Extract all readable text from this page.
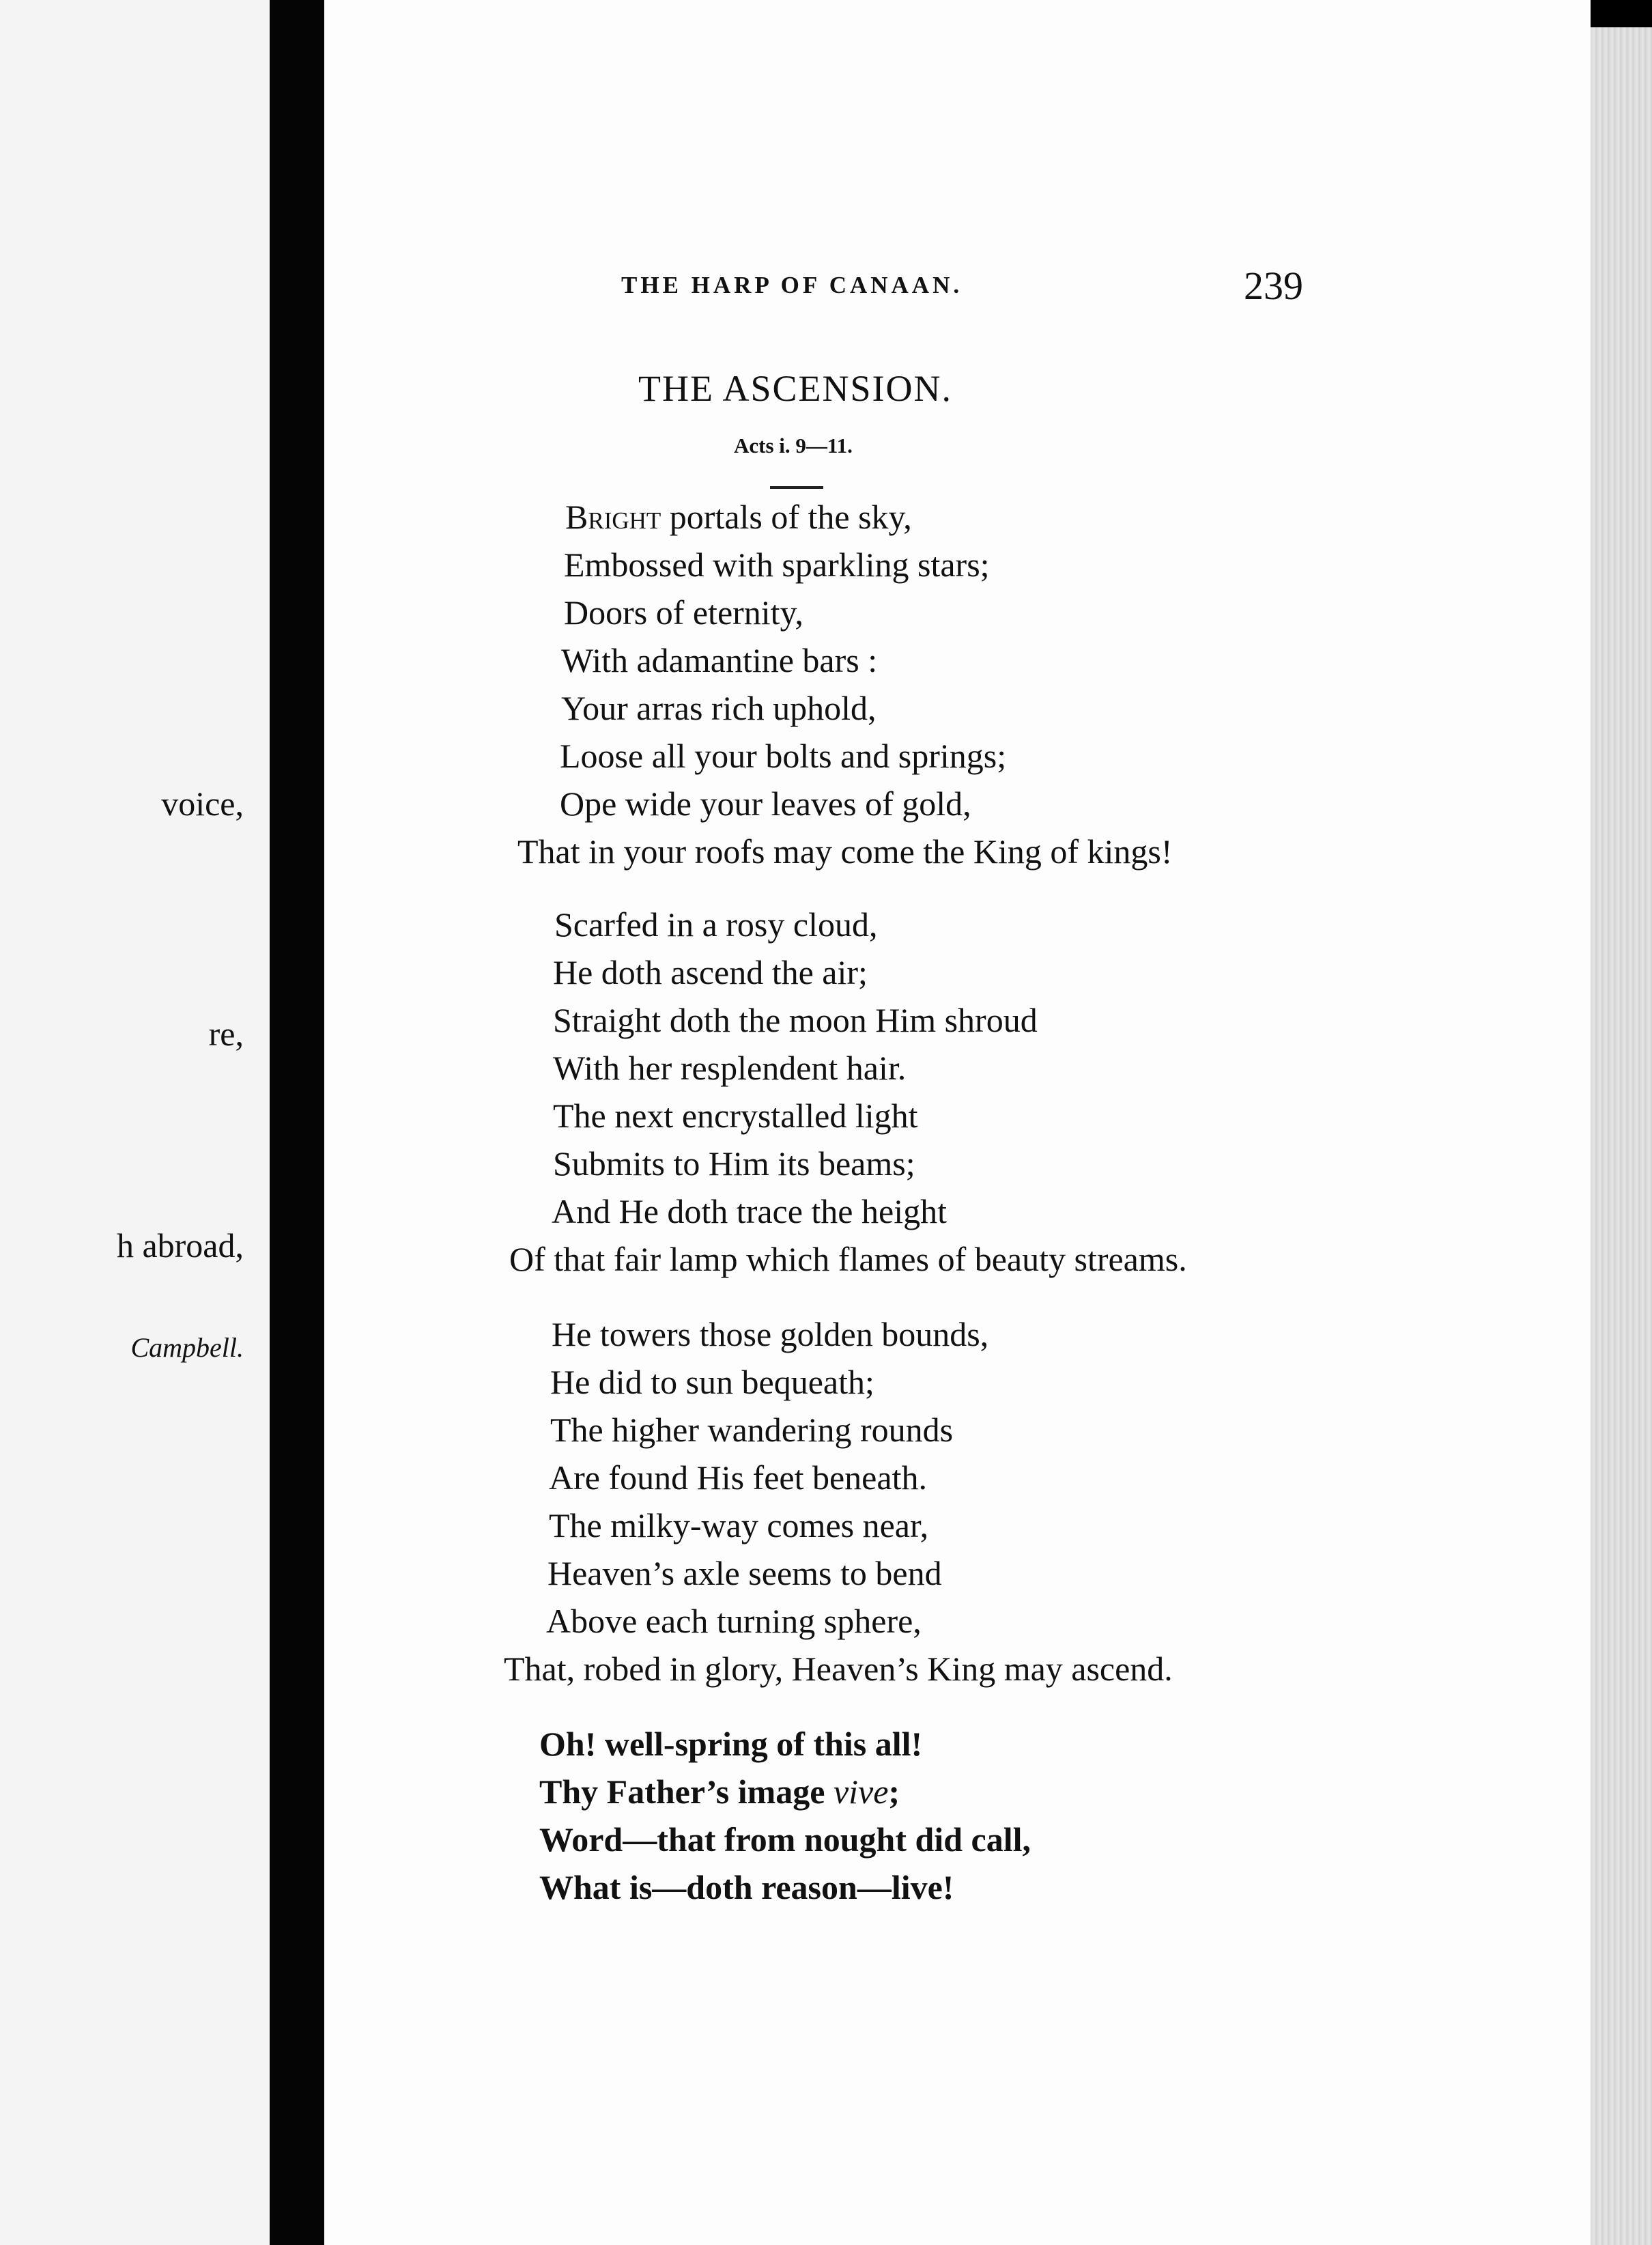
voice,
re,
h abroad,
Campbell.
THE HARP OF CANAAN.	239
THE ASCENSION.
Acts i. 9—11.
Bright portals of the sky,
Embossed with sparkling stars;
Doors of eternity,
With adamantine bars :
Your arras rich uphold,
Loose all your bolts and springs;
Ope wide your leaves of gold,
That in your roofs may come the King of kings!
Scarfed in a rosy cloud,
He doth ascend the air;
Straight doth the moon Him shroud
With her resplendent hair.
The next encrystalled light
Submits to Him its beams;
And He doth trace the height
Of that fair lamp which flames of beauty streams.
He towers those golden bounds,
He did to sun bequeath;
The higher wandering rounds
Are found His feet beneath.
The milky-way comes near,
Heaven’s axle seems to bend
Above each turning sphere,
That, robed in glory, Heaven’s King may ascend.
Oh! well-spring of this all!
Thy Father’s image vive;
Word—that from nought did call,
What is—doth reason—live!
